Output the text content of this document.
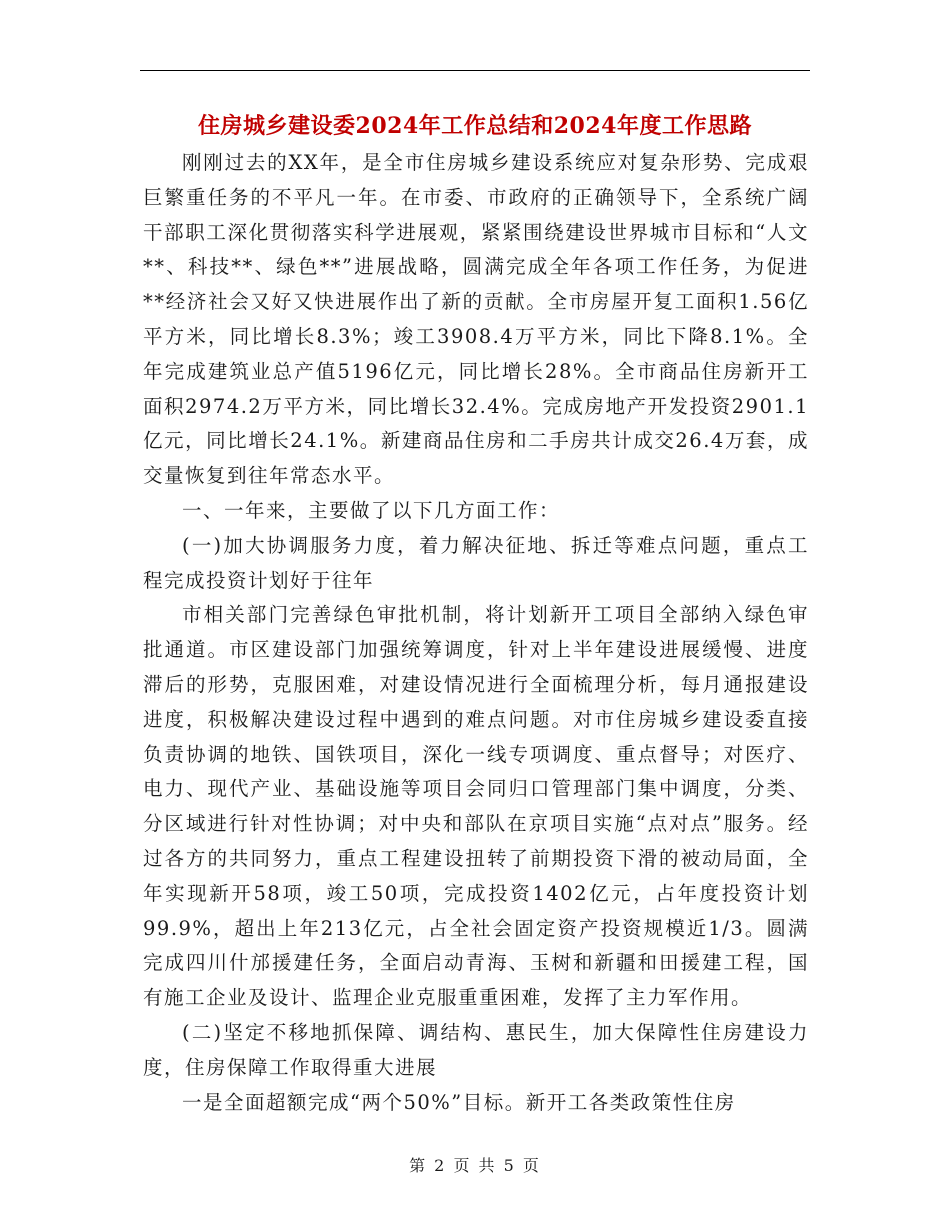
住房城乡建设委2024年工作总结和2024年度工作思路

刚刚过去的XX年，是全市住房城乡建设系统应对复杂形势、完成艰巨繁重任务的不平凡一年。在市委、市政府的正确领导下，全系统广阔干部职工深化贯彻落实科学进展观，紧紧围绕建设世界城市目标和“人文**、科技**、绿色**”进展战略，圆满完成全年各项工作任务，为促进**经济社会又好又快进展作出了新的贡献。全市房屋开复工面积1.56亿平方米，同比增长8.3%；竣工3908.4万平方米，同比下降8.1%。全年完成建筑业总产值5196亿元，同比增长28%。全市商品住房新开工面积2974.2万平方米，同比增长32.4%。完成房地产开发投资2901.1亿元，同比增长24.1%。新建商品住房和二手房共计成交26.4万套，成交量恢复到往年常态水平。

一、一年来，主要做了以下几方面工作：

(一)加大协调服务力度，着力解决征地、拆迁等难点问题，重点工程完成投资计划好于往年

市相关部门完善绿色审批机制，将计划新开工项目全部纳入绿色审批通道。市区建设部门加强统筹调度，针对上半年建设进展缓慢、进度滞后的形势，克服困难，对建设情况进行全面梳理分析，每月通报建设进度，积极解决建设过程中遇到的难点问题。对市住房城乡建设委直接负责协调的地铁、国铁项目，深化一线专项调度、重点督导；对医疗、电力、现代产业、基础设施等项目会同归口管理部门集中调度，分类、分区域进行针对性协调；对中央和部队在京项目实施“点对点”服务。经过各方的共同努力，重点工程建设扭转了前期投资下滑的被动局面，全年实现新开58项，竣工50项，完成投资1402亿元，占年度投资计划99.9%，超出上年213亿元，占全社会固定资产投资规模近1/3。圆满完成四川什邡援建任务，全面启动青海、玉树和新疆和田援建工程，国有施工企业及设计、监理企业克服重重困难，发挥了主力军作用。

(二)坚定不移地抓保障、调结构、惠民生，加大保障性住房建设力度，住房保障工作取得重大进展

一是全面超额完成“两个50%”目标。新开工各类政策性住房

第 2 页 共 5 页
